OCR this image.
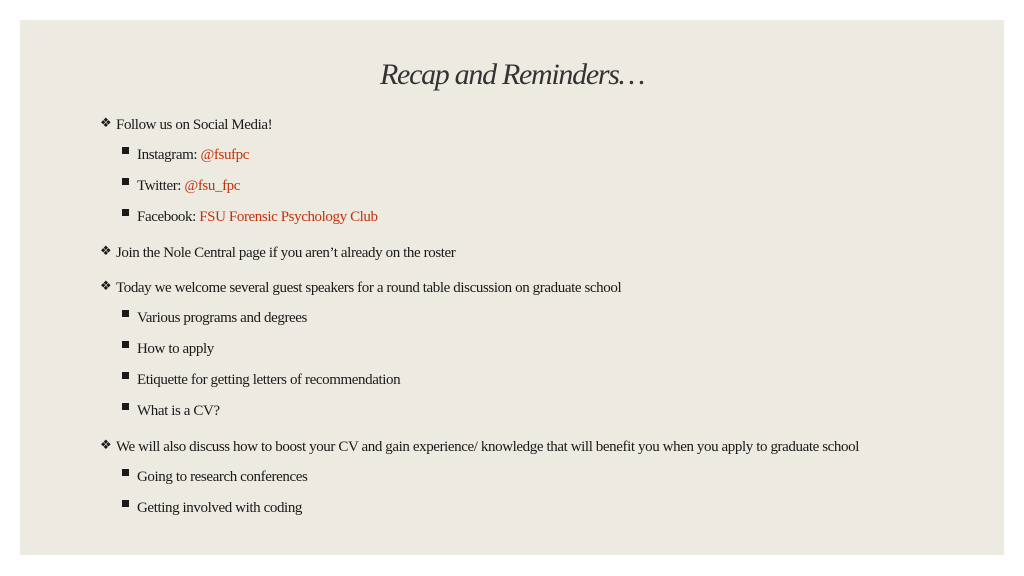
Recap and Reminders…
❖ Follow us on Social Media!
Instagram: @fsufpc
Twitter: @fsu_fpc
Facebook: FSU Forensic Psychology Club
❖ Join the Nole Central page if you aren’t already on the roster
❖ Today we welcome several guest speakers for a round table discussion on graduate school
Various programs and degrees
How to apply
Etiquette for getting letters of recommendation
What is a CV?
❖ We will also discuss how to boost your CV and gain experience/ knowledge that will benefit you when you apply to graduate school
Going to research conferences
Getting involved with coding
